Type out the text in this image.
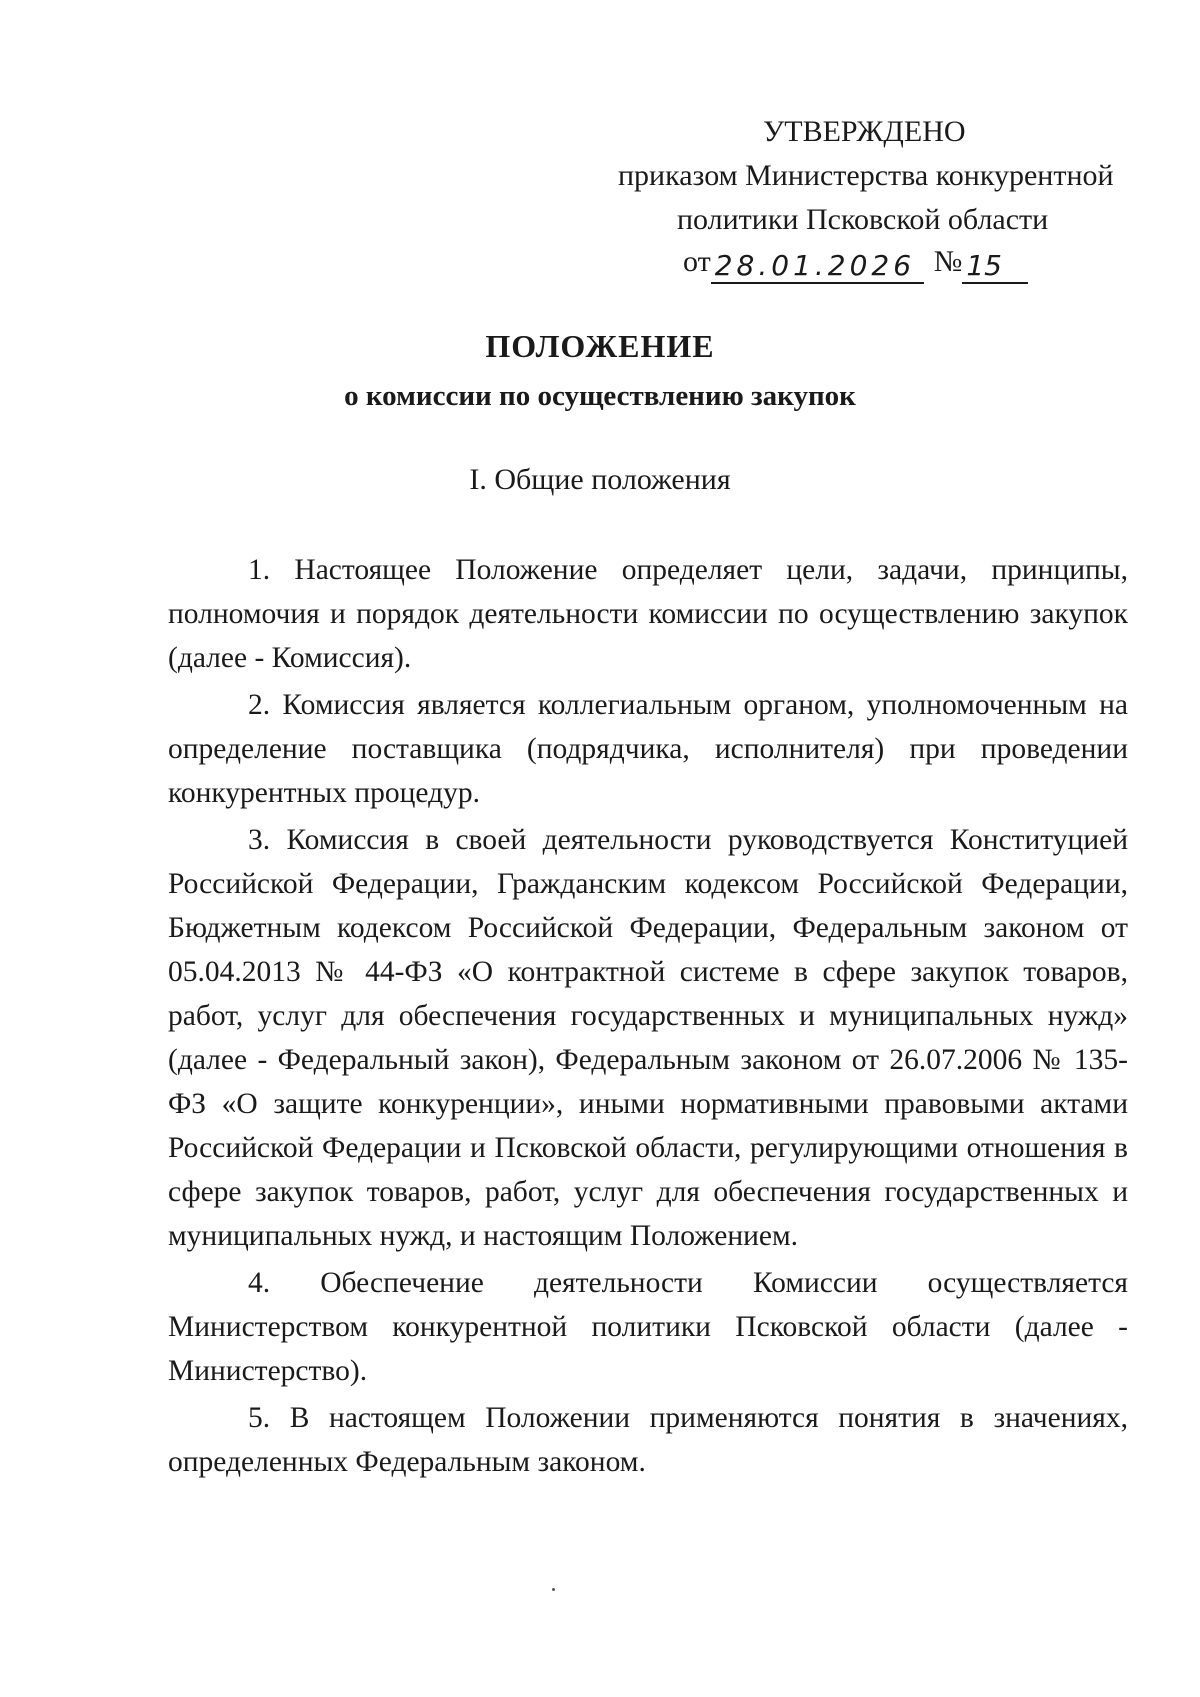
УТВЕРЖДЕНО
приказом Министерства конкурентной
политики Псковской области
от 28.01.2026 № 15
ПОЛОЖЕНИЕ
о комиссии по осуществлению закупок
I. Общие положения

1. Настоящее Положение определяет цели, задачи, принципы, полномочия и порядок деятельности комиссии по осуществлению закупок (далее - Комиссия).

2. Комиссия является коллегиальным органом, уполномоченным на определение поставщика (подрядчика, исполнителя) при проведении конкурентных процедур.

3. Комиссия в своей деятельности руководствуется Конституцией Российской Федерации, Гражданским кодексом Российской Федерации, Бюджетным кодексом Российской Федерации, Федеральным законом от 05.04.2013 № 44-ФЗ «О контрактной системе в сфере закупок товаров, работ, услуг для обеспечения государственных и муниципальных нужд» (далее - Федеральный закон), Федеральным законом от 26.07.2006 № 135-ФЗ «О защите конкуренции», иными нормативными правовыми актами Российской Федерации и Псковской области, регулирующими отношения в сфере закупок товаров, работ, услуг для обеспечения государственных и муниципальных нужд, и настоящим Положением.

4. Обеспечение деятельности Комиссии осуществляется Министерством конкурентной политики Псковской области (далее - Министерство).

5. В настоящем Положении применяются понятия в значениях, определенных Федеральным законом.
